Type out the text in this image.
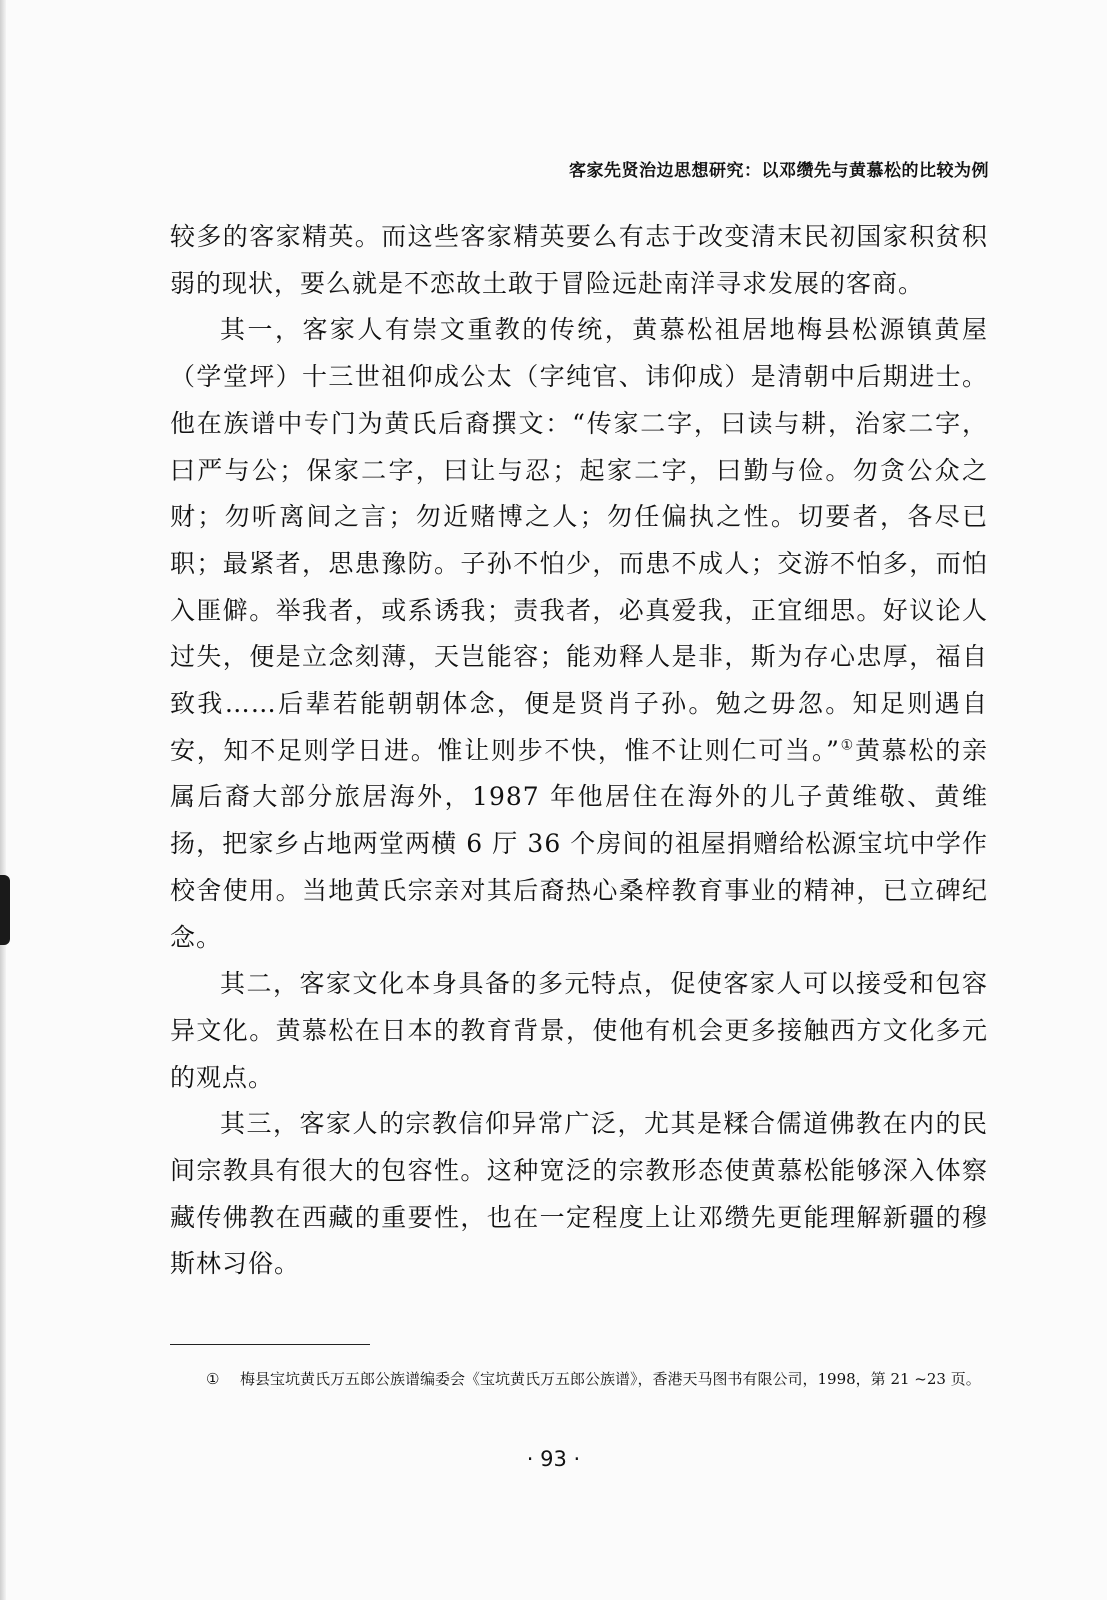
客家先贤治边思想研究：以邓缵先与黄慕松的比较为例

较多的客家精英。而这些客家精英要么有志于改变清末民初国家积贫积弱的现状，要么就是不恋故土敢于冒险远赴南洋寻求发展的客商。

其一，客家人有崇文重教的传统，黄慕松祖居地梅县松源镇黄屋（学堂坪）十三世祖仰成公太（字纯官、讳仰成）是清朝中后期进士。他在族谱中专门为黄氏后裔撰文：“传家二字，曰读与耕，治家二字，曰严与公；保家二字，曰让与忍；起家二字，曰勤与俭。勿贪公众之财；勿听离间之言；勿近赌博之人；勿任偏执之性。切要者，各尽已职；最紧者，思患豫防。子孙不怕少，而患不成人；交游不怕多，而怕入匪僻。举我者，或系诱我；责我者，必真爱我，正宜细思。好议论人过失，便是立念刻薄，天岂能容；能劝释人是非，斯为存心忠厚，福自致我……后辈若能朝朝体念，便是贤肖子孙。勉之毋忽。知足则遇自安，知不足则学日进。惟让则步不快，惟不让则仁可当。”①黄慕松的亲属后裔大部分旅居海外，1987 年他居住在海外的儿子黄维敬、黄维扬，把家乡占地两堂两横 6 厅 36 个房间的祖屋捐赠给松源宝坑中学作校舍使用。当地黄氏宗亲对其后裔热心桑梓教育事业的精神，已立碑纪念。

其二，客家文化本身具备的多元特点，促使客家人可以接受和包容异文化。黄慕松在日本的教育背景，使他有机会更多接触西方文化多元的观点。

其三，客家人的宗教信仰异常广泛，尤其是糅合儒道佛教在内的民间宗教具有很大的包容性。这种宽泛的宗教形态使黄慕松能够深入体察藏传佛教在西藏的重要性，也在一定程度上让邓缵先更能理解新疆的穆斯林习俗。

①	梅县宝坑黄氏万五郎公族谱编委会《宝坑黄氏万五郎公族谱》，香港天马图书有限公司，1998，第 21 ~23 页。
· 93 ·
